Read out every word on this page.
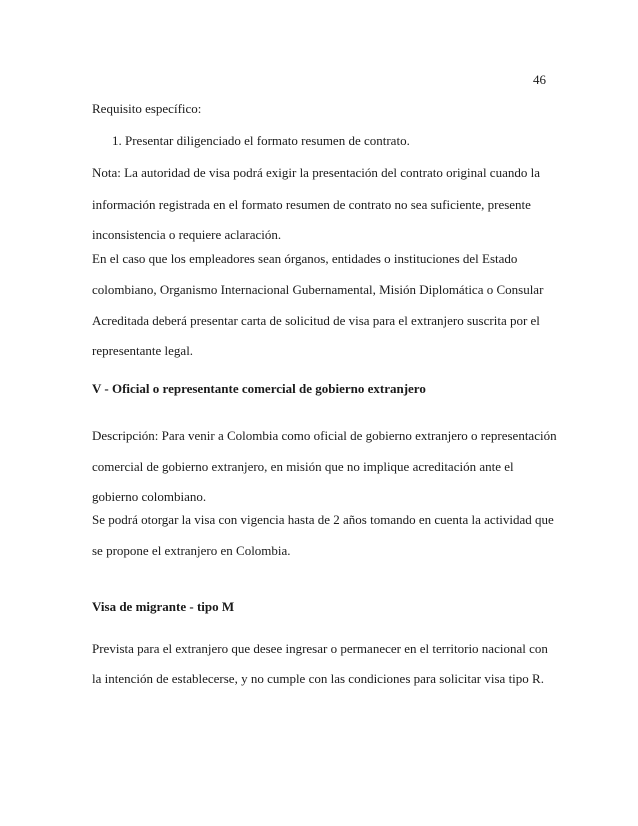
46
Requisito específico:
1. Presentar diligenciado el formato resumen de contrato.
Nota: La autoridad de visa podrá exigir la presentación del contrato original cuando la
información registrada en el formato resumen de contrato no sea suficiente, presente
inconsistencia o requiere aclaración.
En el caso que los empleadores sean órganos, entidades o instituciones del Estado
colombiano, Organismo Internacional Gubernamental, Misión Diplomática o Consular
Acreditada deberá presentar carta de solicitud de visa para el extranjero suscrita por el
representante legal.
V - Oficial o representante comercial de gobierno extranjero
Descripción: Para venir a Colombia como oficial de gobierno extranjero o representación
comercial de gobierno extranjero, en misión que no implique acreditación ante el
gobierno colombiano.
Se podrá otorgar la visa con vigencia hasta de 2 años tomando en cuenta la actividad que
se propone el extranjero en Colombia.
Visa de migrante - tipo M
Prevista para el extranjero que desee ingresar o permanecer en el territorio nacional con
la intención de establecerse, y no cumple con las condiciones para solicitar visa tipo R.
